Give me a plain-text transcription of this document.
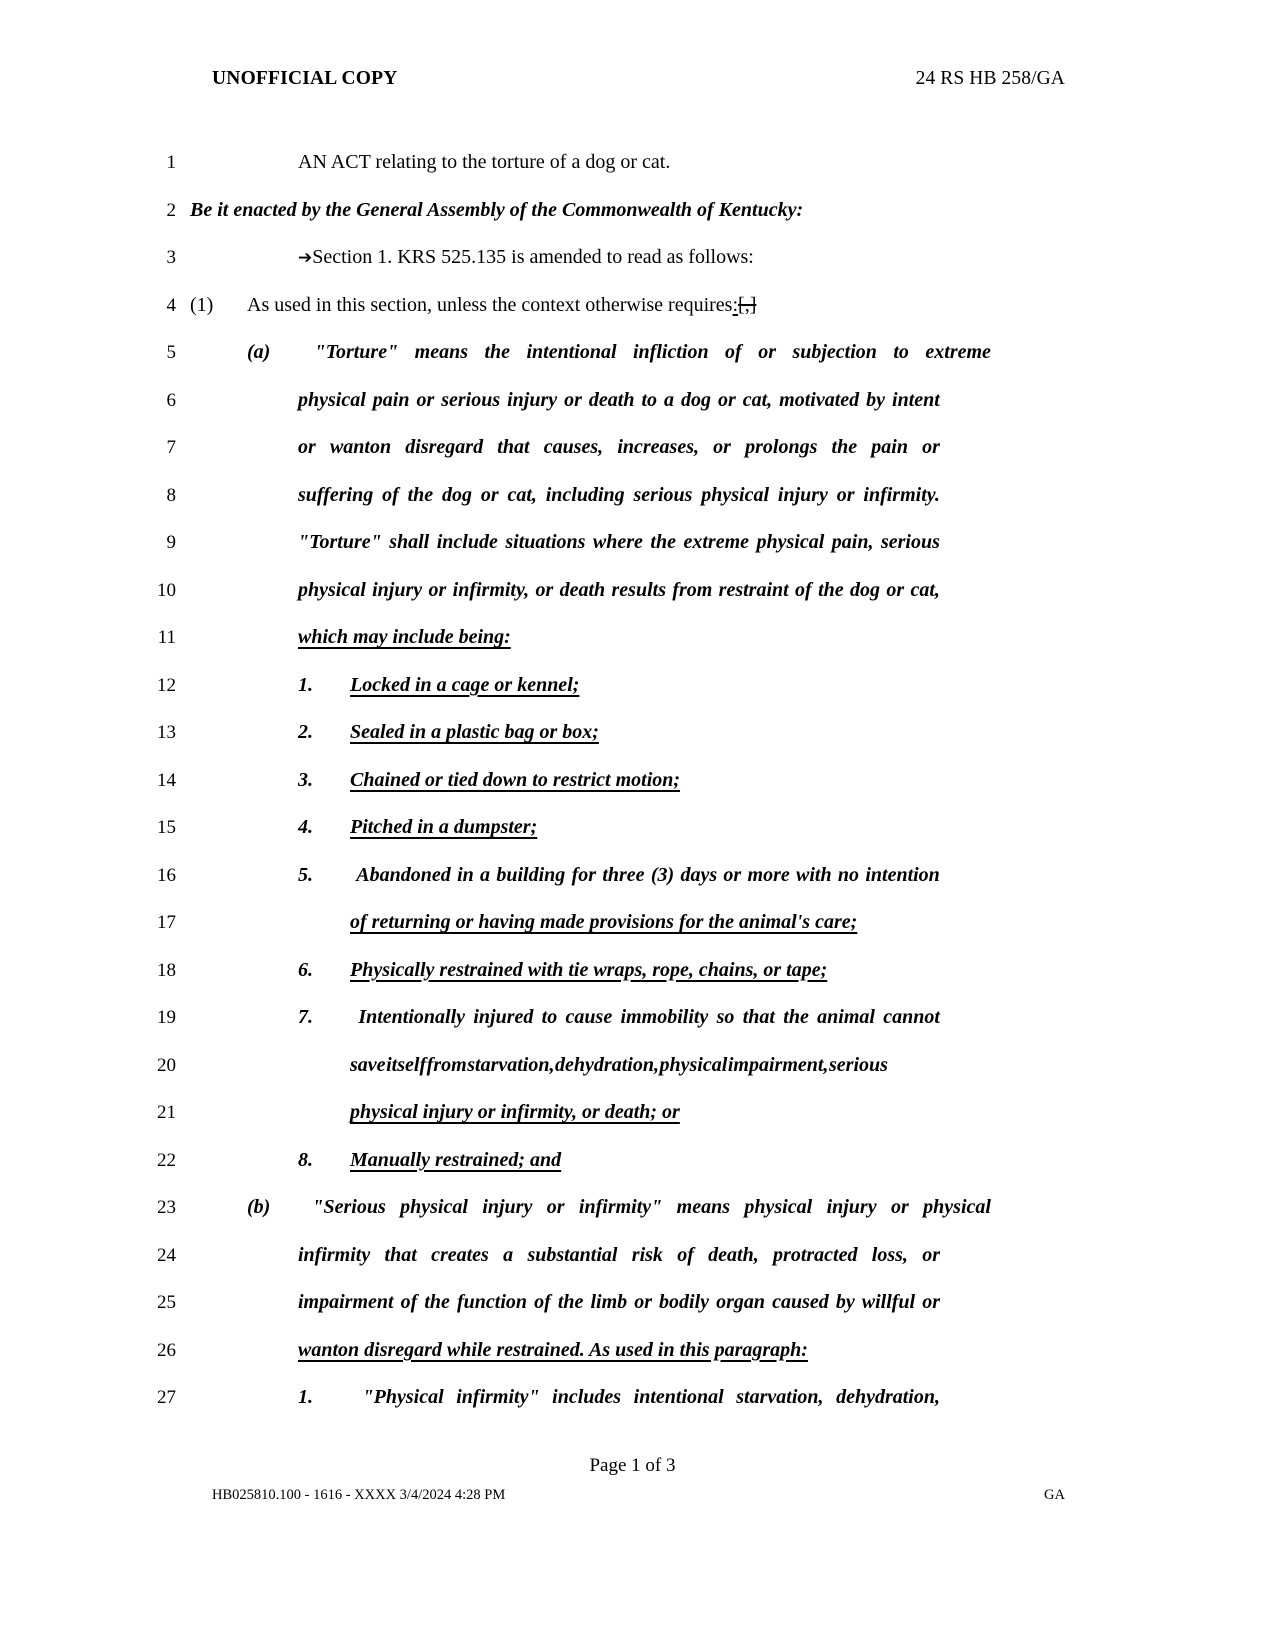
UNOFFICIAL COPY	24 RS HB 258/GA
1	AN ACT relating to the torture of a dog or cat.
2 Be it enacted by the General Assembly of the Commonwealth of Kentucky:
3	➔Section 1. KRS 525.135 is amended to read as follows:
4 (1) As used in this section, unless the context otherwise requires:[,]
5	(a)	"Torture" means the intentional infliction of or subjection to extreme
6	physical pain or serious injury or death to a dog or cat, motivated by intent
7	or wanton disregard that causes, increases, or prolongs the pain or
8	suffering of the dog or cat, including serious physical injury or infirmity.
9	"Torture" shall include situations where the extreme physical pain, serious
10	physical injury or infirmity, or death results from restraint of the dog or cat,
11	which may include being:
12	1. Locked in a cage or kennel;
13	2. Sealed in a plastic bag or box;
14	3. Chained or tied down to restrict motion;
15	4. Pitched in a dumpster;
16	5.	Abandoned in a building for three (3) days or more with no intention
17	of returning or having made provisions for the animal's care;
18	6. Physically restrained with tie wraps, rope, chains, or tape;
19	7.	Intentionally injured to cause immobility so that the animal cannot
20	save itself from starvation, dehydration, physical impairment, serious
21	physical injury or infirmity, or death; or
22	8. Manually restrained; and
23	(b)	"Serious physical injury or infirmity" means physical injury or physical
24	infirmity that creates a substantial risk of death, protracted loss, or
25	impairment of the function of the limb or bodily organ caused by willful or
26	wanton disregard while restrained. As used in this paragraph:
27	1.	"Physical infirmity" includes intentional starvation, dehydration,
Page 1 of 3
HB025810.100 - 1616 - XXXX 3/4/2024 4:28 PM	GA
